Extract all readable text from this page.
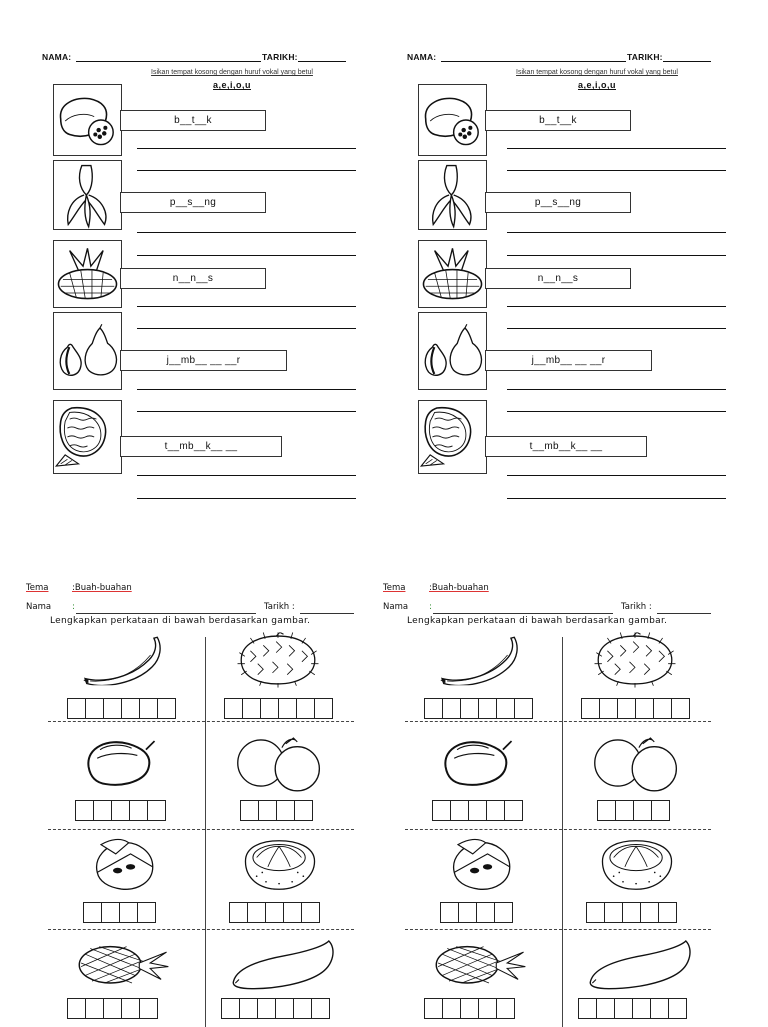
NAMA:	TARIKH:
Isikan tempat kosong dengan huruf vokal yang betul
a,e,i,o,u
b__t__k
p__s__ng
n__n__s
j__mb__ __ __r
t__mb__k__ __
NAMA:	TARIKH:
Isikan tempat kosong dengan huruf vokal yang betul
a,e,i,o,u
b__t__k
p__s__ng
n__n__s
j__mb__ __ __r
t__mb__k__ __
Tema	:Buah-buahan
Nama :	Tarikh :
Lengkapkan perkataan di bawah berdasarkan gambar.
Tema	:Buah-buahan
Nama :	Tarikh :
Lengkapkan perkataan di bawah berdasarkan gambar.
